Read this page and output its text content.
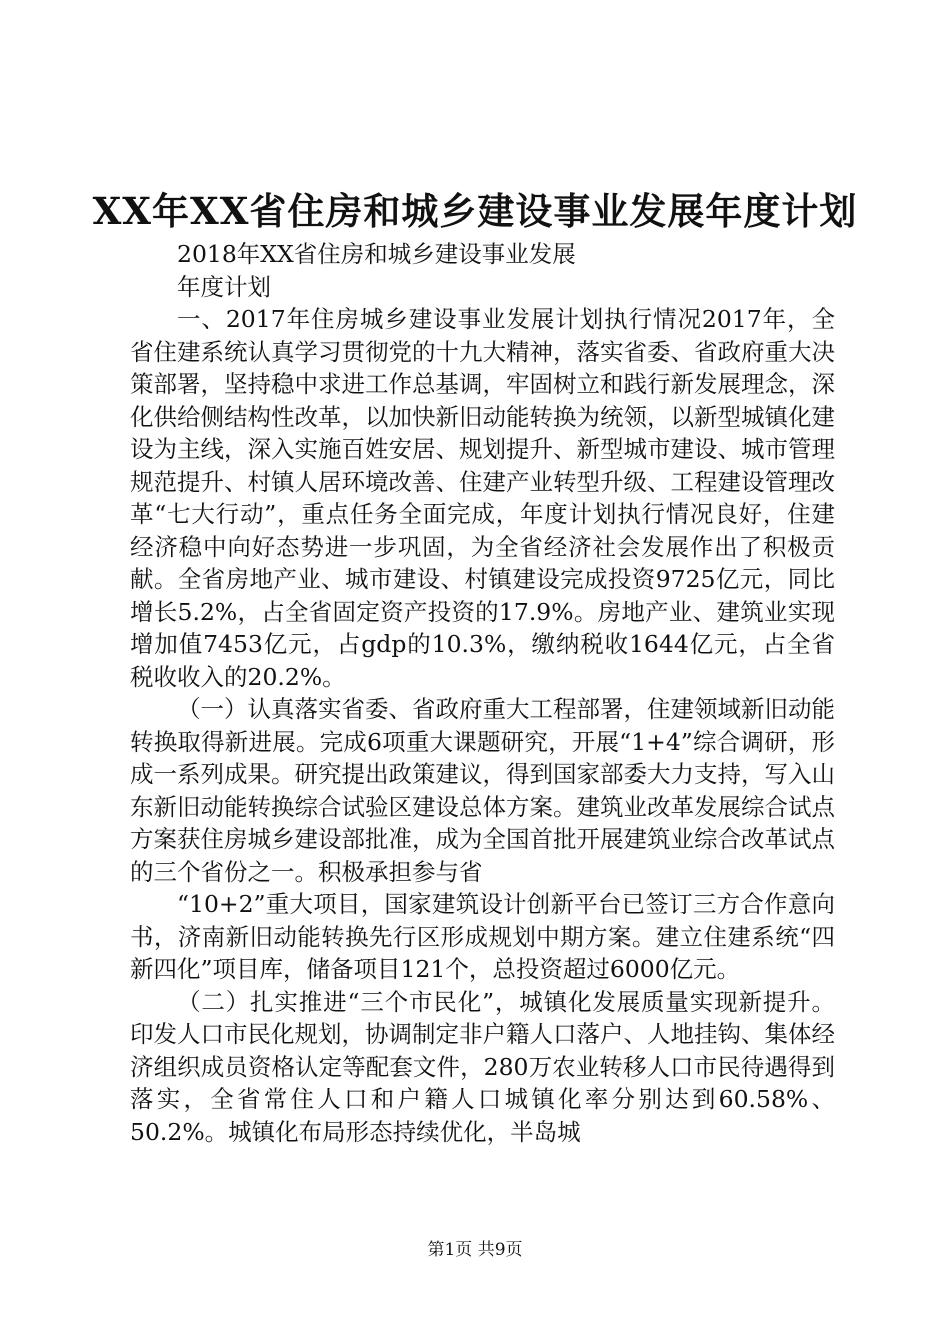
XX年XX省住房和城乡建设事业发展年度计划

2018年XX省住房和城乡建设事业发展

年度计划

一、2017年住房城乡建设事业发展计划执行情况2017年，全省住建系统认真学习贯彻党的十九大精神，落实省委、省政府重大决策部署，坚持稳中求进工作总基调，牢固树立和践行新发展理念，深化供给侧结构性改革，以加快新旧动能转换为统领，以新型城镇化建设为主线，深入实施百姓安居、规划提升、新型城市建设、城市管理规范提升、村镇人居环境改善、住建产业转型升级、工程建设管理改革“七大行动”，重点任务全面完成，年度计划执行情况良好，住建经济稳中向好态势进一步巩固，为全省经济社会发展作出了积极贡献。全省房地产业、城市建设、村镇建设完成投资9725亿元，同比增长5.2%，占全省固定资产投资的17.9%。房地产业、建筑业实现增加值7453亿元，占gdp的10.3%，缴纳税收1644亿元，占全省税收收入的20.2%。

（一）认真落实省委、省政府重大工程部署，住建领域新旧动能转换取得新进展。完成6项重大课题研究，开展“1+4”综合调研，形成一系列成果。研究提出政策建议，得到国家部委大力支持，写入山东新旧动能转换综合试验区建设总体方案。建筑业改革发展综合试点方案获住房城乡建设部批准，成为全国首批开展建筑业综合改革试点的三个省份之一。积极承担参与省

“10+2”重大项目，国家建筑设计创新平台已签订三方合作意向书，济南新旧动能转换先行区形成规划中期方案。建立住建系统“四新四化”项目库，储备项目121个，总投资超过6000亿元。

（二）扎实推进“三个市民化”，城镇化发展质量实现新提升。印发人口市民化规划，协调制定非户籍人口落户、人地挂钩、集体经济组织成员资格认定等配套文件，280万农业转移人口市民待遇得到落实，全省常住人口和户籍人口城镇化率分别达到60.58%、50.2%。城镇化布局形态持续优化，半岛城

第1页 共9页
